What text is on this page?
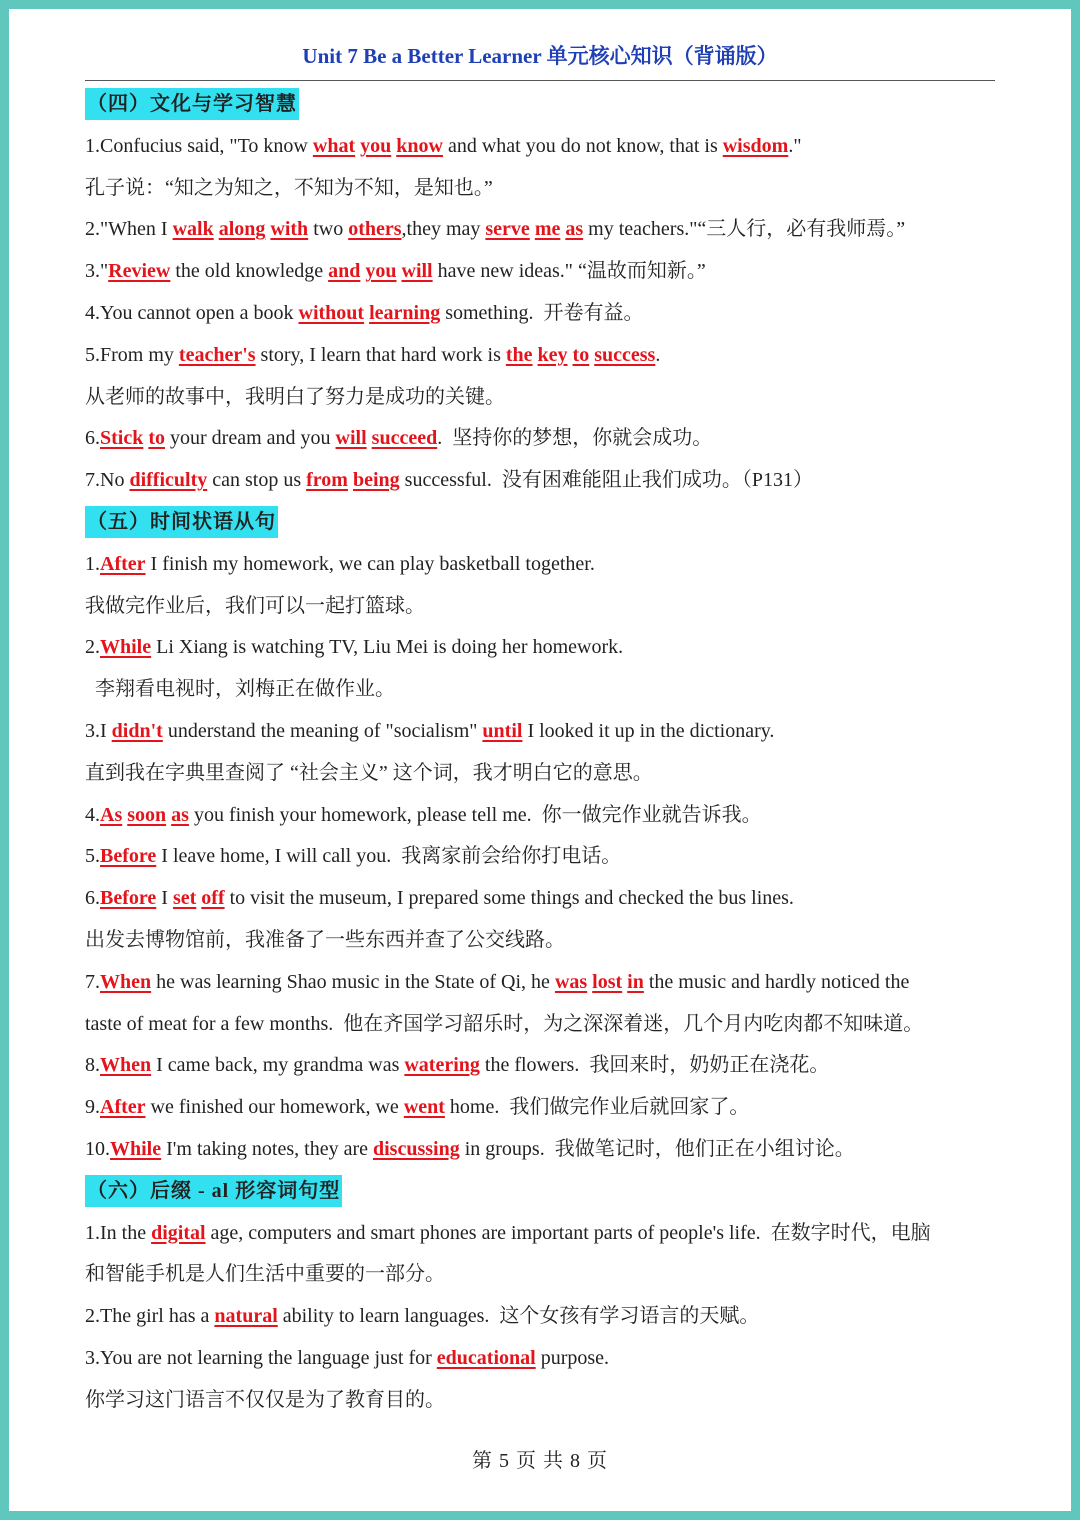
Unit 7 Be a Better Learner 单元核心知识（背诵版）
（四）文化与学习智慧
1.Confucius said, "To know what you know and what you do not know, that is wisdom."
孔子说：“知之为知之，不知为不知，是知也。”
2."When I walk along with two others,they may serve me as my teachers."“三人行，必有我师焉。”
3."Review the old knowledge and you will have new ideas." “温故而知新。”
4.You cannot open a book without learning something.  开卷有益。
5.From my teacher's story, I learn that hard work is the key to success.
从老师的故事中，我明白了努力是成功的关键。
6.Stick to your dream and you will succeed.  坚持你的梦想，你就会成功。
7.No difficulty can stop us from being successful.  没有困难能阻止我们成功。（P131）
（五）时间状语从句
1.After I finish my homework, we can play basketball together.
我做完作业后，我们可以一起打篮球。
2.While Li Xiang is watching TV, Liu Mei is doing her homework.
李翔看电视时，刘梅正在做作业。
3.I didn't understand the meaning of "socialism" until I looked it up in the dictionary.
直到我在字典里查阅了 “社会主义” 这个词，我才明白它的意思。
4.As soon as you finish your homework, please tell me.  你一做完作业就告诉我。
5.Before I leave home, I will call you.  我离家前会给你打电话。
6.Before I set off to visit the museum, I prepared some things and checked the bus lines.
出发去博物馆前，我准备了一些东西并查了公交线路。
7.When he was learning Shao music in the State of Qi, he was lost in the music and hardly noticed the
taste of meat for a few months.  他在齐国学习韶乐时，为之深深着迷，几个月内吃肉都不知味道。
8.When I came back, my grandma was watering the flowers.  我回来时，奶奶正在浇花。
9.After we finished our homework, we went home.  我们做完作业后就回家了。
10.While I'm taking notes, they are discussing in groups.  我做笔记时，他们正在小组讨论。
（六）后缀 - al 形容词句型
1.In the digital age, computers and smart phones are important parts of people's life.  在数字时代，电脑
和智能手机是人们生活中重要的一部分。
2.The girl has a natural ability to learn languages.  这个女孩有学习语言的天赋。
3.You are not learning the language just for educational purpose.
你学习这门语言不仅仅是为了教育目的。
第 5 页 共 8 页
